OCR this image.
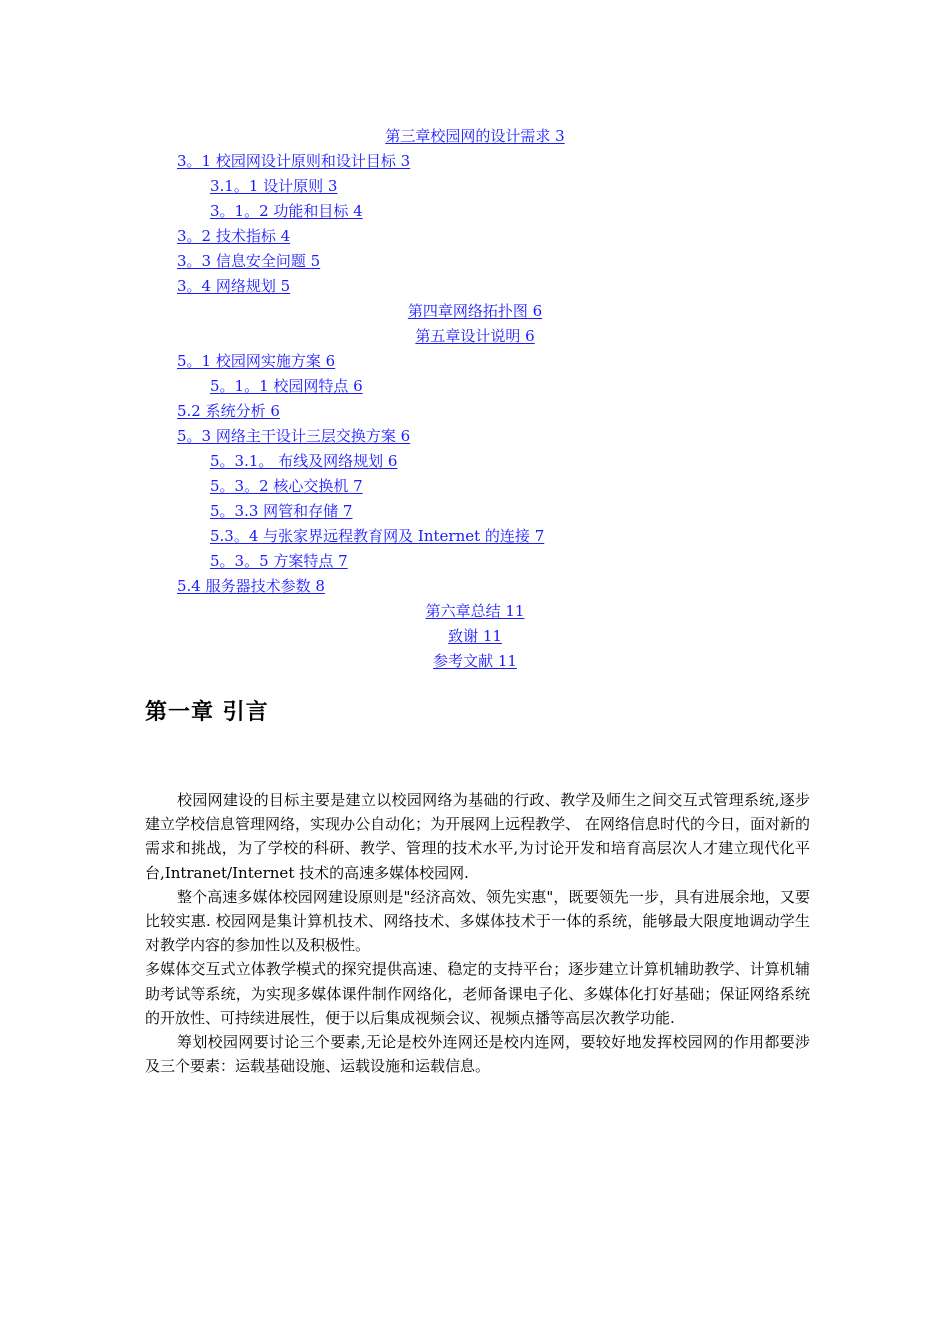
第三章校园网的设计需求 3
3。1 校园网设计原则和设计目标 3
3.1。1 设计原则 3
3。1。2 功能和目标 4
3。2 技术指标 4
3。3 信息安全问题 5
3。4 网络规划 5
第四章网络拓扑图 6
第五章设计说明 6
5。1 校园网实施方案 6
5。1。1 校园网特点 6
5.2 系统分析 6
5。3 网络主干设计三层交换方案 6
5。3.1。 布线及网络规划 6
5。3。2 核心交换机 7
5。3.3 网管和存储 7
5.3。4 与张家界远程教育网及 Internet 的连接 7
5。3。5 方案特点 7
5.4 服务器技术参数 8
第六章总结 11
致谢 11
参考文献 11
第一章 引言

校园网建设的目标主要是建立以校园网络为基础的行政、教学及师生之间交互式管理系统,逐步建立学校信息管理网络，实现办公自动化；为开展网上远程教学、 在网络信息时代的今日，面对新的需求和挑战，为了学校的科研、教学、管理的技术水平,为讨论开发和培育高层次人才建立现代化平台,Intranet/Internet 技术的高速多媒体校园网.

整个高速多媒体校园网建设原则是"经济高效、领先实惠"，既要领先一步，具有进展余地，又要比较实惠. 校园网是集计算机技术、网络技术、多媒体技术于一体的系统，能够最大限度地调动学生对教学内容的参加性以及积极性。

多媒体交互式立体教学模式的探究提供高速、稳定的支持平台；逐步建立计算机辅助教学、计算机辅助考试等系统，为实现多媒体课件制作网络化，老师备课电子化、多媒体化打好基础；保证网络系统的开放性、可持续进展性，便于以后集成视频会议、视频点播等高层次教学功能.

筹划校园网要讨论三个要素,无论是校外连网还是校内连网，要较好地发挥校园网的作用都要涉及三个要素：运载基础设施、运载设施和运载信息。
